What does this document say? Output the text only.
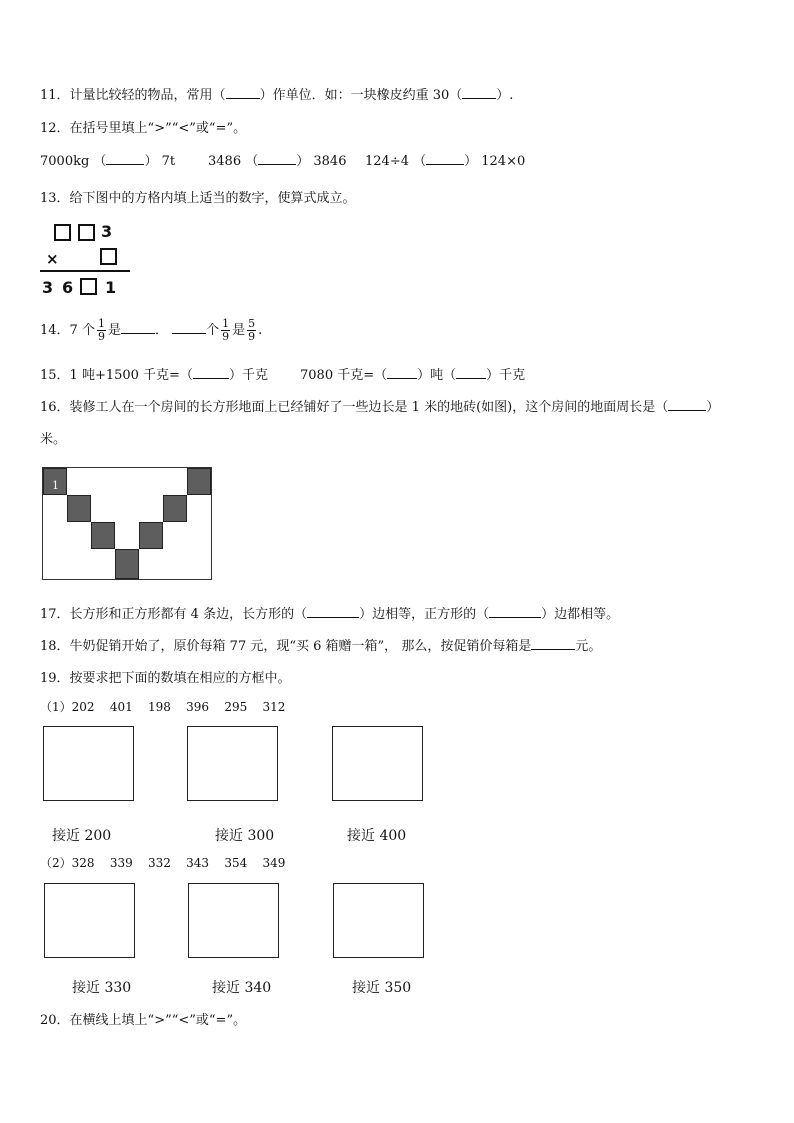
11．计量比较轻的物品，常用（	）作单位．如：一块橡皮约重 30（	）.
12．在括号里填上“>”“<”或“=”。
7000kg （	） 7t	3486 （	） 3846 124÷4 （	） 124×0
13．给下图中的方格内填上适当的数字，使算式成立。
3
×
3 6 1
14．7 个 $\frac{1}{9}$ 是	．	个 $\frac{1}{9}$ 是 $\frac{5}{9}$ .
15．1 吨+1500 千克=（	）千克 7080 千克=（ ）吨（ ）千克
16．装修工人在一个房间的长方形地面上已经铺好了一些边长是 1 米的地砖(如图)，这个房间的地面周长是（	）
米。
1
17．长方形和正方形都有 4 条边，长方形的（	）边相等，正方形的（	）边都相等。
18．牛奶促销开始了，原价每箱 77 元，现“买 6 箱赠一箱”， 那么，按促销价每箱是	元。
19．按要求把下面的数填在相应的方框中。
（1）202 401 198 396 295 312
接近 200	接近 300	接近 400
（2）328 339 332 343 354 349
接近 330	接近 340	接近 350
20．在横线上填上“>”“<”或“=”。
